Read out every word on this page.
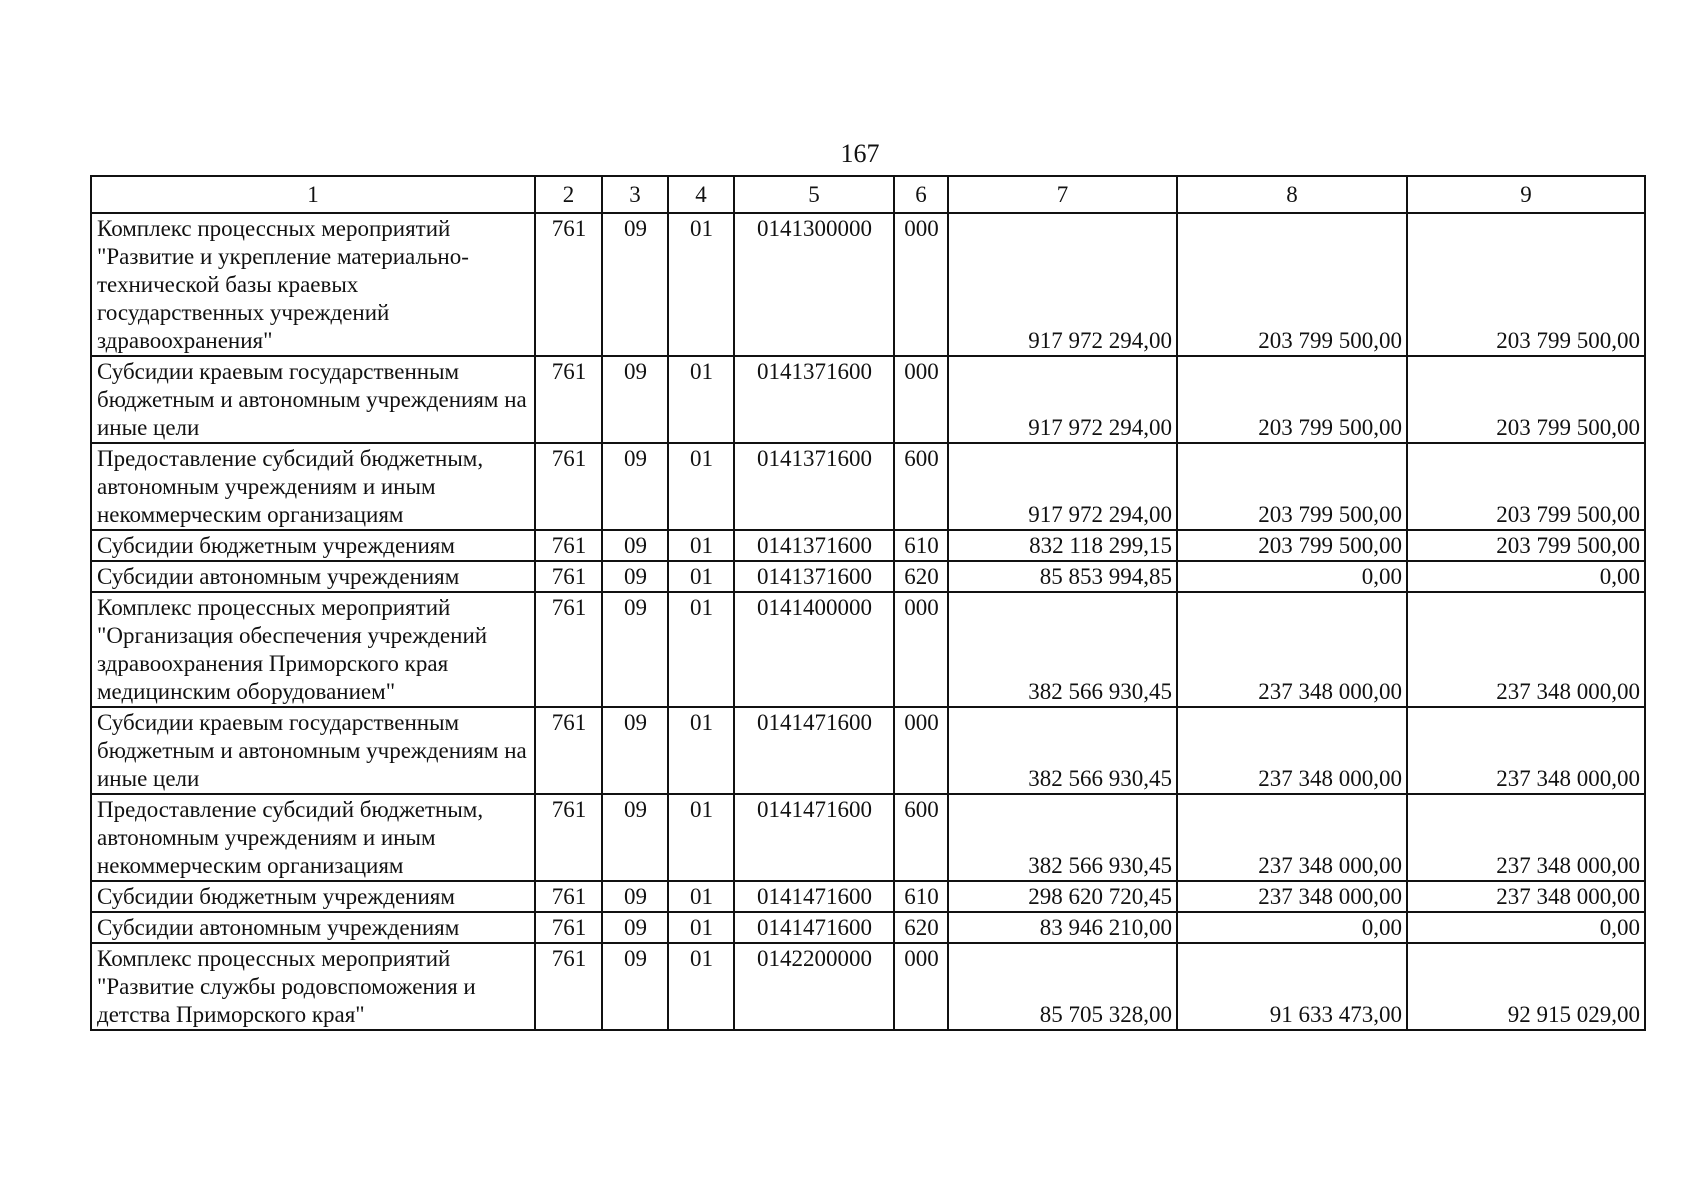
167
1	2	3	4	5	6	7	8	9
Комплекс процессных мероприятий "Развитие и укрепление материально-технической базы краевых государственных учреждений здравоохранения"	761	09	01	0141300000	000	917 972 294,00	203 799 500,00	203 799 500,00
Субсидии краевым государственным бюджетным и автономным учреждениям на иные цели	761	09	01	0141371600	000	917 972 294,00	203 799 500,00	203 799 500,00
Предоставление субсидий бюджетным, автономным учреждениям и иным некоммерческим организациям	761	09	01	0141371600	600	917 972 294,00	203 799 500,00	203 799 500,00
Субсидии бюджетным учреждениям	761	09	01	0141371600	610	832 118 299,15	203 799 500,00	203 799 500,00
Субсидии автономным учреждениям	761	09	01	0141371600	620	85 853 994,85	0,00	0,00
Комплекс процессных мероприятий "Организация обеспечения учреждений здравоохранения Приморского края медицинским оборудованием"	761	09	01	0141400000	000	382 566 930,45	237 348 000,00	237 348 000,00
Субсидии краевым государственным бюджетным и автономным учреждениям на иные цели	761	09	01	0141471600	000	382 566 930,45	237 348 000,00	237 348 000,00
Предоставление субсидий бюджетным, автономным учреждениям и иным некоммерческим организациям	761	09	01	0141471600	600	382 566 930,45	237 348 000,00	237 348 000,00
Субсидии бюджетным учреждениям	761	09	01	0141471600	610	298 620 720,45	237 348 000,00	237 348 000,00
Субсидии автономным учреждениям	761	09	01	0141471600	620	83 946 210,00	0,00	0,00
Комплекс процессных мероприятий "Развитие службы родовспоможения и детства Приморского края"	761	09	01	0142200000	000	85 705 328,00	91 633 473,00	92 915 029,00
